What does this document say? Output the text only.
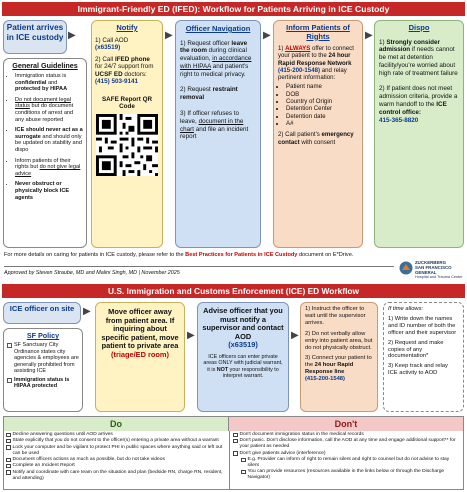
Immigrant-Friendly ED (IFED): Workflow for Patients Arriving in ICE Custody
Patient arrives in ICE custody ▶
General Guidelines
• Immigration status is confidential and protected by HIPAA
• Do not document legal status but do document conditions of arrest and any abuse reported
• ICE should never act as a surrogate and should only be updated on stability and dispo
• Inform patients of their rights but do not give legal advice
• Never obstruct or physically block ICE agents
Notify
1) Call AOD
(x63519)
2) Call IFED phone for 24/7 support from UCSF ED doctors:
(415) 503-9141
SAFE Report QR Code
▶
Officer Navigation
1) Request officer leave the room during clinical evaluation, in accordance with HIPAA and patient's right to medical privacy.
2) Request restraint removal
3) If officer refuses to leave, document in the chart and file an incident report
▶
Inform Patients of Rights
1) ALWAYS offer to connect your patient to the 24 hour Rapid Response Network (415-200-1548) and relay pertinent information:
• Patient name
• DOB
• Country of Origin
• Detention Center
• Detention date
• A#
2) Call patient's emergency contact with consent
▶
Dispo
1) Strongly consider admission if needs cannot be met at detention facility/you're worried about high rate of treatment failure
2) If patient does not meet admission criteria, provide a warm handoff to the ICE control office:
415-365-8820
For more details on caring for patients in ICE custody, please refer to the Best Practices for Patients in ICE Custody document on E*Drive.
Approved by Steven Straube, MD and Malini Singh, MD | November 2025
ZUCKERBERG
SAN FRANCISCO GENERAL
Hospital and Trauma Center
U.S. Immigration and Customs Enforcement (ICE) ED Workflow
ICE officer on site ▶
SF Policy
SF Sanctuary City Ordinance states city agencies & employees are generally prohibited from assisting ICE
Immigration status is HIPAA protected
Move officer away from patient area. If inquiring about specific patient, move patient to private area
(triage/ED room)
▶
Advise officer that you must notify a supervisor and contact AOD
(x63519)
ICE officers can enter private areas ONLY with judicial warrant, it is NOT your responsibility to interpret warrant.
▶
1) Instruct the officer to wait until the supervisor arrives.
2) Do not verbally allow entry into patient area, but do not physically obstruct.
3) Connect your patient to the 24 hour Rapid Response line
(415-200-1548)
If time allows:
1) Write down the names and ID number of both the officer and their supervisor
2) Request and make copies of any documentation*
3) Keep track and relay ICE activity to AOD
Do	Don't
Decline answering questions until AOD arrives
State explicitly that you do not consent to the officer(s) entering a private area without a warrant
Lock your computer and be vigilant to protect PHI in public spaces where anything said or left out can be used
Document officers actions as much as possible, but do not take videos
Complete an Incident Report
Notify and coordinate with care team on the situation and plan (bedside RN, charge RN, resident, and attending)
Don't document immigration status in the medical records
Don't panic. Don't disclose information, call the AOD at any time and engage additional support** for your patient as needed
Don't give patients advice (interference)
E.g. Provider can inform of right to remain silent and right to counsel but do not advise to stay silent
You can provide resources (resources available in the links below or through the Discharge Navigator)
